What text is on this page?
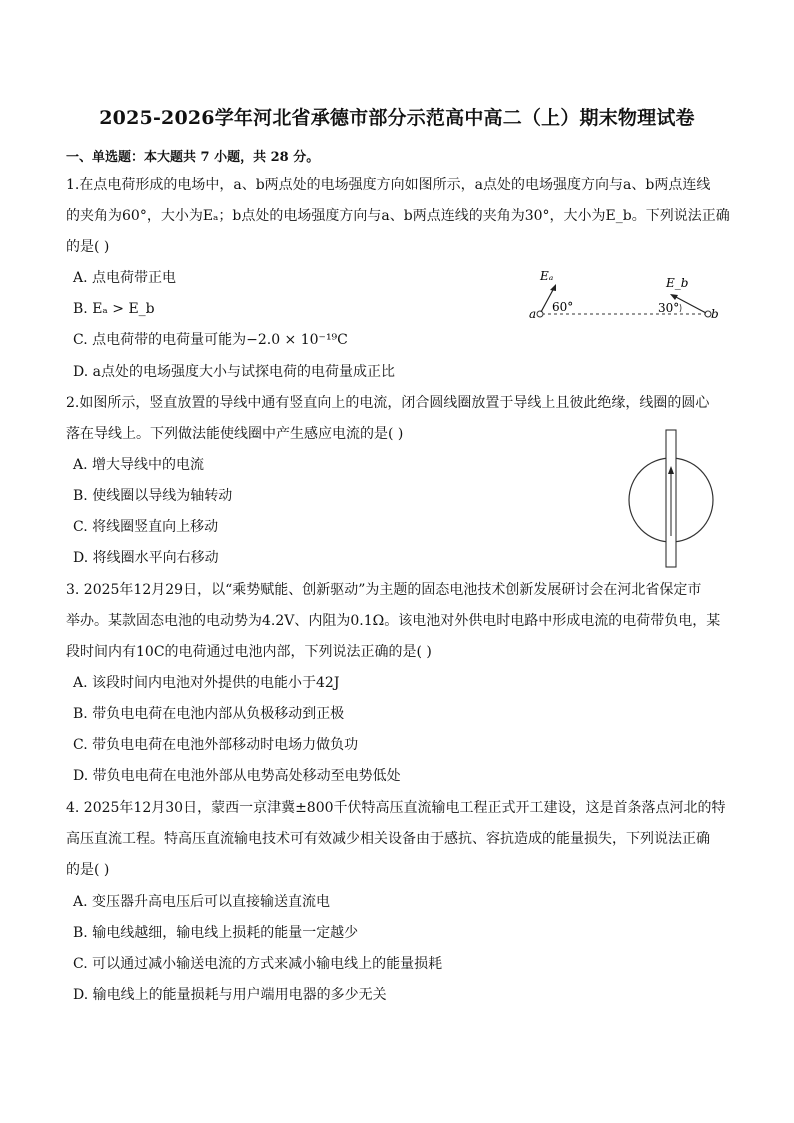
2025-2026学年河北省承德市部分示范高中高二（上）期末物理试卷
一、单选题：本大题共 7 小题，共 28 分。
1.在点电荷形成的电场中，a、b两点处的电场强度方向如图所示，a点处的电场强度方向与a、b两点连线
的夹角为60°，大小为Eₐ；b点处的电场强度方向与a、b两点连线的夹角为30°，大小为E_b。下列说法正确
的是( )
A. 点电荷带正电
B. Eₐ > E_b
C. 点电荷带的电荷量可能为−2.0 × 10⁻¹⁹C
D. a点处的电场强度大小与试探电荷的电荷量成正比
a	b
Eₐ	E_b
60°	30°
2.如图所示，竖直放置的导线中通有竖直向上的电流，闭合圆线圈放置于导线上且彼此绝缘，线圈的圆心
落在导线上。下列做法能使线圈中产生感应电流的是( )
A. 增大导线中的电流
B. 使线圈以导线为轴转动
C. 将线圈竖直向上移动
D. 将线圈水平向右移动
3. 2025年12月29日，以“乘势赋能、创新驱动”为主题的固态电池技术创新发展研讨会在河北省保定市
举办。某款固态电池的电动势为4.2V、内阻为0.1Ω。该电池对外供电时电路中形成电流的电荷带负电，某
段时间内有10C的电荷通过电池内部，下列说法正确的是( )
A. 该段时间内电池对外提供的电能小于42J
B. 带负电电荷在电池内部从负极移动到正极
C. 带负电电荷在电池外部移动时电场力做负功
D. 带负电电荷在电池外部从电势高处移动至电势低处
4. 2025年12月30日，蒙西一京津冀±800千伏特高压直流输电工程正式开工建设，这是首条落点河北的特
高压直流工程。特高压直流输电技术可有效减少相关设备由于感抗、容抗造成的能量损失，下列说法正确
的是( )
A. 变压器升高电压后可以直接输送直流电
B. 输电线越细，输电线上损耗的能量一定越少
C. 可以通过减小输送电流的方式来减小输电线上的能量损耗
D. 输电线上的能量损耗与用户端用电器的多少无关
